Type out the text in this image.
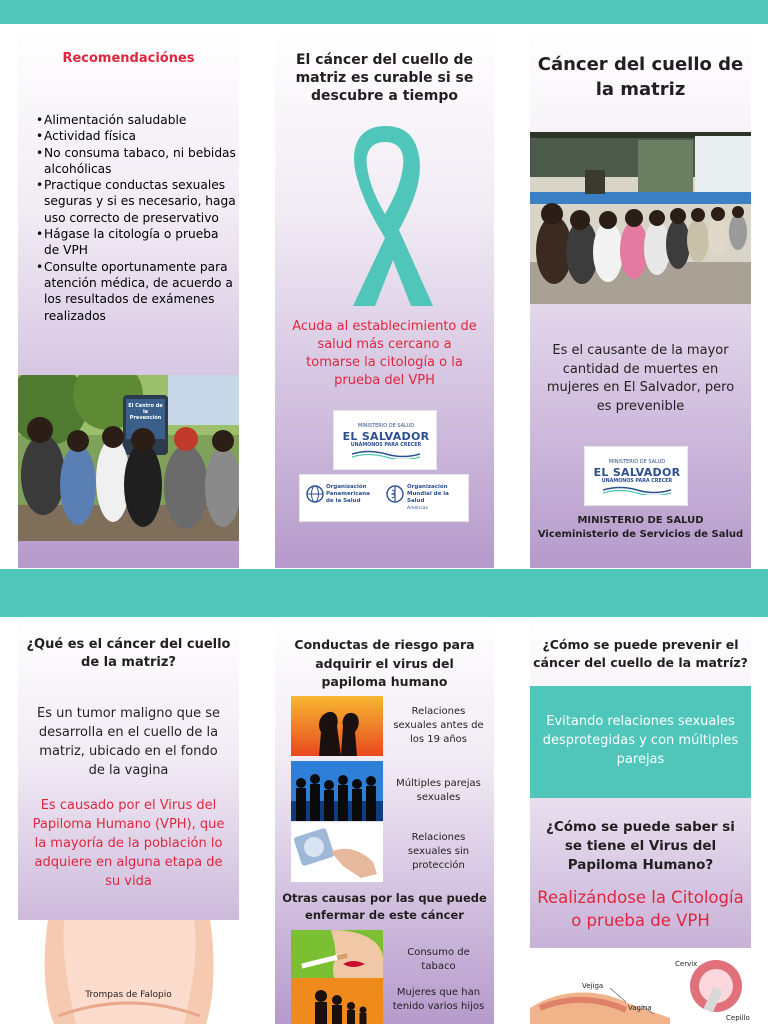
Recomendaciónes
• Alimentación saludable
• Actividad física
• No consuma tabaco, ni bebidas alcohólicas
• Practique conductas sexuales seguras y si es necesario, haga uso correcto de preservativo
• Hágase la citología o prueba de VPH
• Consulte oportunamente para atención médica, de acuerdo a los resultados de exámenes realizados
El Centro de la Prevención
El cáncer del cuello de matriz es curable si se descubre a tiempo
Acuda al establecimiento de salud más cercano a tomarse la citología o la prueba del VPH
MINISTERIO DE SALUD
EL SALVADOR
UNÁMONOS PARA CRECER
Organización Panamericana de la Salud
Organización Mundial de la Salud
Américas
Cáncer del cuello de la matriz
Es el causante de la mayor cantidad de muertes en mujeres en El Salvador, pero es prevenible
MINISTERIO DE SALUD
EL SALVADOR
UNÁMONOS PARA CRECER
MINISTERIO DE SALUD
Viceministerio de Servicios de Salud
¿Qué es el cáncer del cuello de la matriz?
Es un tumor maligno que se desarrolla en el cuello de la matriz, ubicado en el fondo de la vagina
Es causado por el Virus del Papiloma Humano (VPH), que la mayoría de la población lo adquiere en alguna etapa de su vida
Trompas de Falopio
Conductas de riesgo para adquirir el virus del papiloma humano
Relaciones sexuales antes de los 19 años
Múltiples parejas sexuales
Relaciones sexuales sin protección
Otras causas por las que puede enfermar de este cáncer
Consumo de tabaco
Mujeres que han tenido varios hijos
¿Cómo se puede prevenir el cáncer del cuello de la matríz?
Evitando relaciones sexuales desprotegidas y con múltiples parejas
¿Cómo se puede saber si se tiene el Virus del Papiloma Humano?
Realizándose la Citología o prueba de VPH
Cervix
Vejiga
Vagina
Cepillo
